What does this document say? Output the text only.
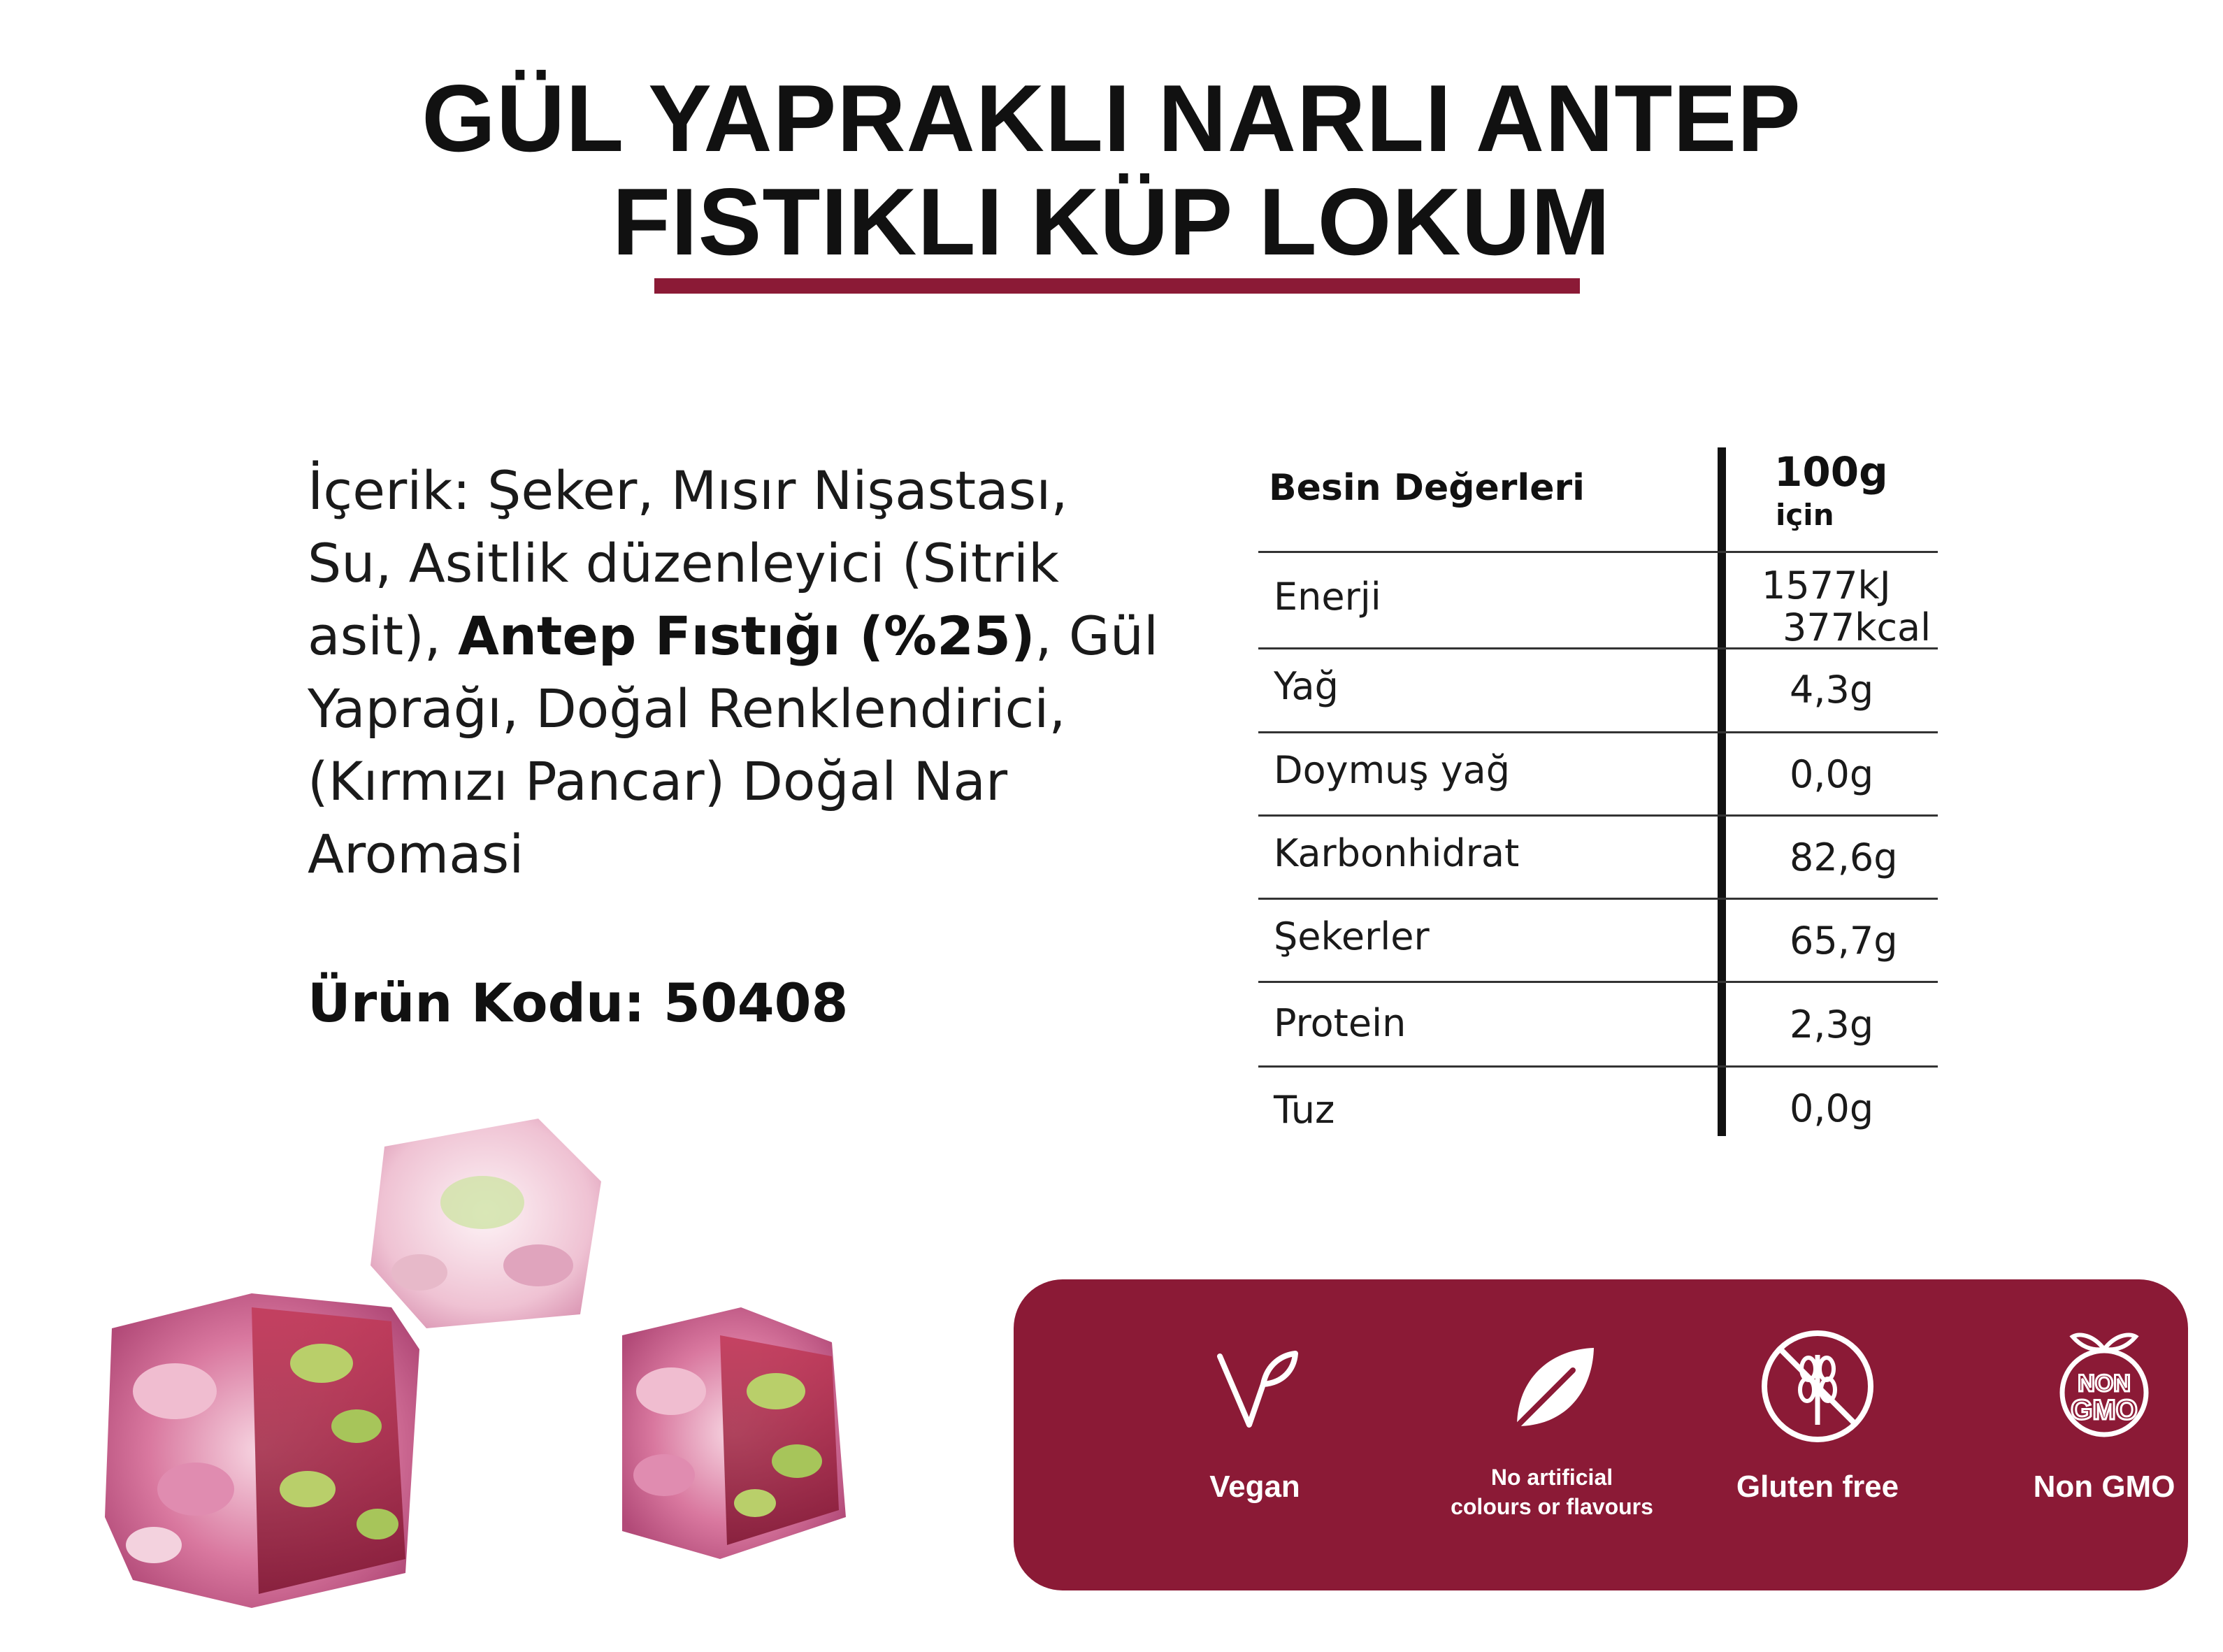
GÜL YAPRAKLI NARLI ANTEP
FISTIKLI KÜP LOKUM
İçerik: Şeker, Mısır Nişastası,
Su, Asitlik düzenleyici (Sitrik
asit), Antep Fıstığı (%25), Gül
Yaprağı, Doğal Renklendirici,
(Kırmızı Pancar) Doğal Nar
Aromasi
Ürün Kodu: 50408
Besin Değerleri	100g
için
Enerji	1577kJ
377kcal
Yağ	4,3g
Doymuş yağ	0,0g
Karbonhidrat	82,6g
Şekerler	65,7g
Protein	2,3g
Tuz	0,0g
Vegan	No artificial
colours or flavours
Gluten free
NON
GMO
Non GMO
